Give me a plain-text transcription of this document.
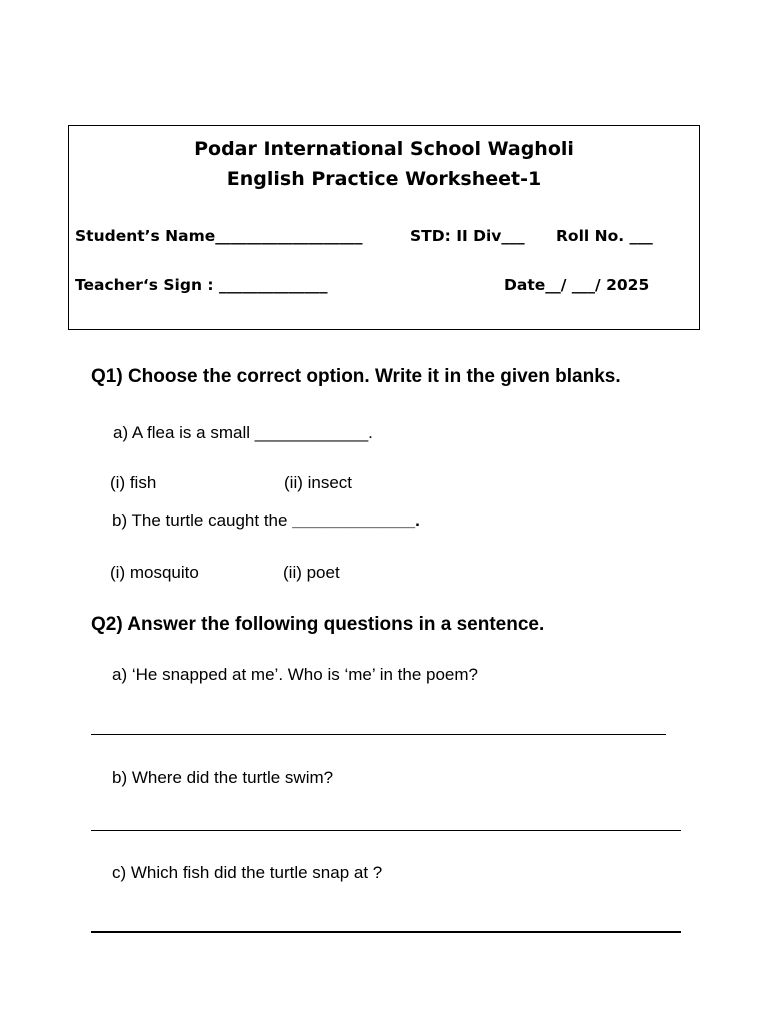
Podar International School Wagholi
English Practice Worksheet-1
Student’s Name___________________	STD: II Div___ Roll No. ___
Teacher‘s Sign : ______________	Date__/ ___/ 2025
Q1) Choose the correct option. Write it in the given blanks.
a) A flea is a small ____________.
(i) fish	(ii) insect
b) The turtle caught the _____________.
(i) mosquito	(ii) poet
Q2) Answer the following questions in a sentence.
a) ‘He snapped at me’. Who is ‘me’ in the poem?
b) Where did the turtle swim?
c) Which fish did the turtle snap at ?
